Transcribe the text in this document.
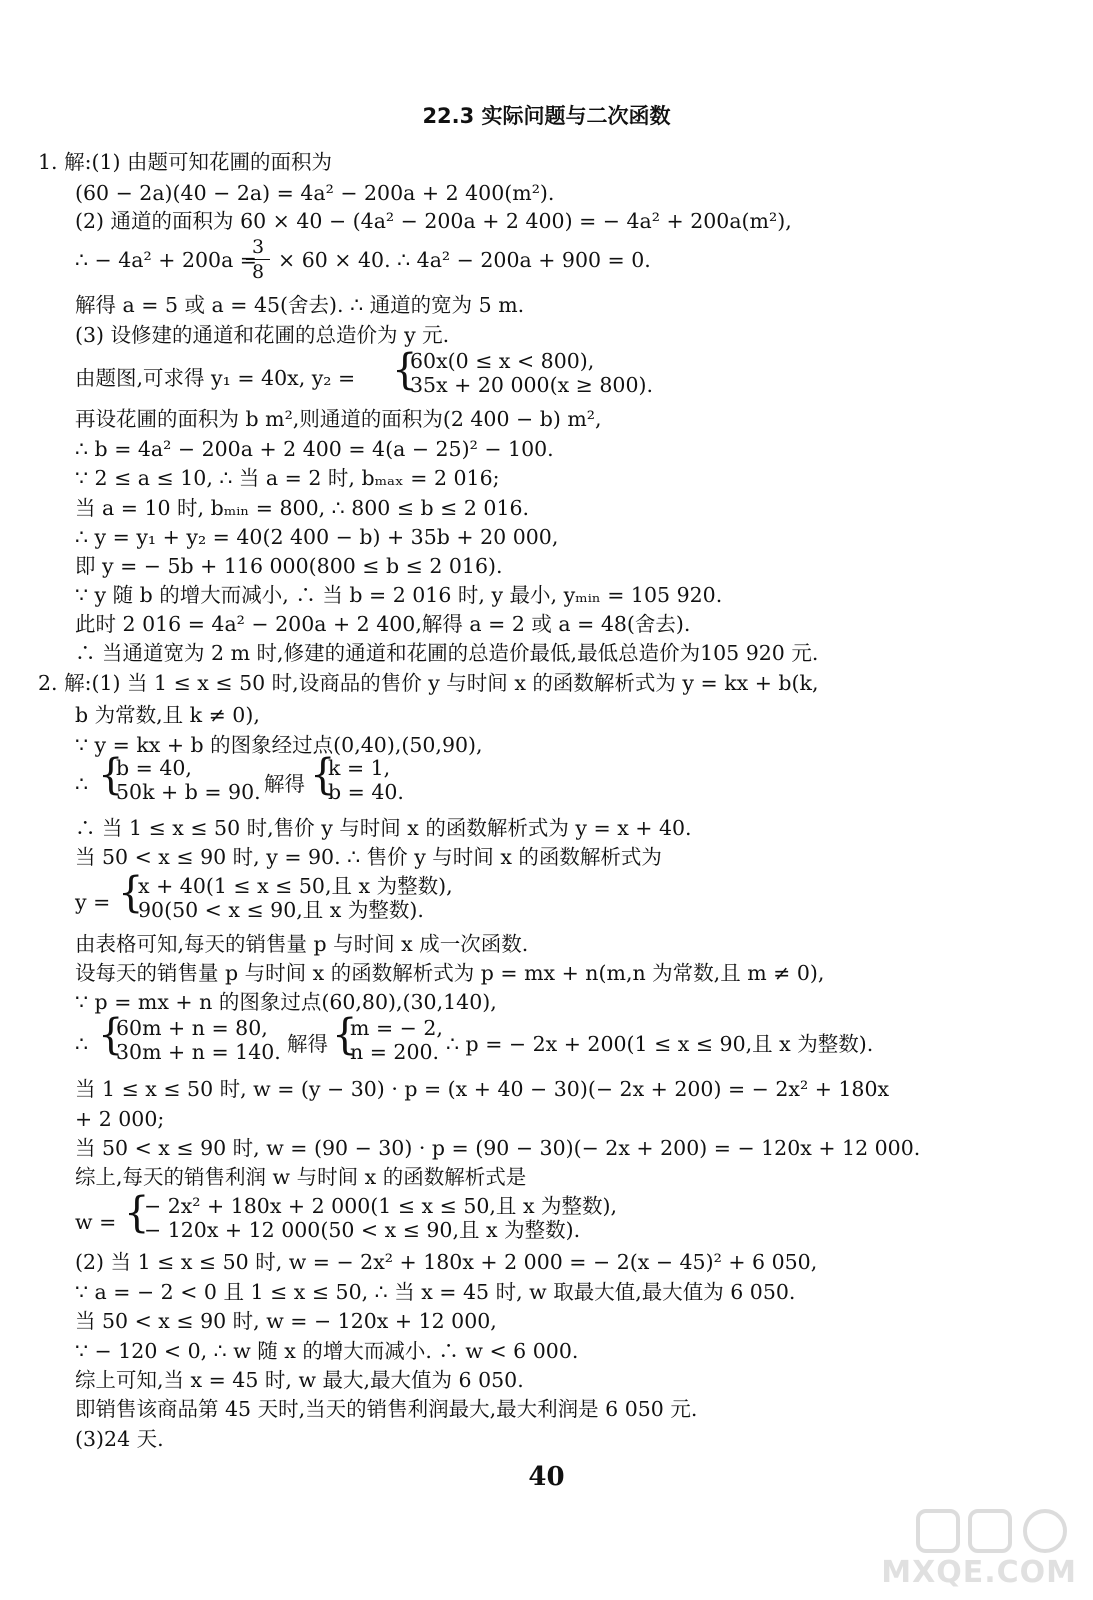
22.3 实际问题与二次函数
1. 解:(1) 由题可知花圃的面积为
(60 − 2a)(40 − 2a) = 4a² − 200a + 2 400(m²).
(2) 通道的面积为 60 × 40 − (4a² − 200a + 2 400) = − 4a² + 200a(m²),
∴ − 4a² + 200a =
3
8 × 60 × 40. ∴ 4a² − 200a + 900 = 0.
解得 a = 5 或 a = 45(舍去). ∴ 通道的宽为 5 m.
(3) 设修建的通道和花圃的总造价为 y 元.
由题图,可求得 y₁ = 40x, y₂ = {
60x(0 ≤ x < 800),
35x + 20 000(x ≥ 800).
再设花圃的面积为 b m²,则通道的面积为(2 400 − b) m²,
∴ b = 4a² − 200a + 2 400 = 4(a − 25)² − 100.
∵ 2 ≤ a ≤ 10, ∴ 当 a = 2 时, bₘₐₓ = 2 016;
当 a = 10 时, bₘᵢₙ = 800, ∴ 800 ≤ b ≤ 2 016.
∴ y = y₁ + y₂ = 40(2 400 − b) + 35b + 20 000,
即 y = − 5b + 116 000(800 ≤ b ≤ 2 016).
∵ y 随 b 的增大而减小, ∴ 当 b = 2 016 时, y 最小, yₘᵢₙ = 105 920.
此时 2 016 = 4a² − 200a + 2 400,解得 a = 2 或 a = 48(舍去).
∴ 当通道宽为 2 m 时,修建的通道和花圃的总造价最低,最低总造价为105 920 元.
2. 解:(1) 当 1 ≤ x ≤ 50 时,设商品的售价 y 与时间 x 的函数解析式为 y = kx + b(k,
b 为常数,且 k ≠ 0),
∵ y = kx + b 的图象经过点(0,40),(50,90),
∴ {
b = 40,
50k + b = 90. 解得 {
k = 1,
b = 40.
∴ 当 1 ≤ x ≤ 50 时,售价 y 与时间 x 的函数解析式为 y = x + 40.
当 50 < x ≤ 90 时, y = 90. ∴ 售价 y 与时间 x 的函数解析式为
y = {
x + 40(1 ≤ x ≤ 50,且 x 为整数),
90(50 < x ≤ 90,且 x 为整数).
由表格可知,每天的销售量 p 与时间 x 成一次函数.
设每天的销售量 p 与时间 x 的函数解析式为 p = mx + n(m,n 为常数,且 m ≠ 0),
∵ p = mx + n 的图象过点(60,80),(30,140),
∴ {
60m + n = 80,
30m + n = 140. 解得 {
m = − 2,
n = 200. ∴ p = − 2x + 200(1 ≤ x ≤ 90,且 x 为整数).
当 1 ≤ x ≤ 50 时, w = (y − 30) · p = (x + 40 − 30)(− 2x + 200) = − 2x² + 180x
+ 2 000;
当 50 < x ≤ 90 时, w = (90 − 30) · p = (90 − 30)(− 2x + 200) = − 120x + 12 000.
综上,每天的销售利润 w 与时间 x 的函数解析式是
w = {
− 2x² + 180x + 2 000(1 ≤ x ≤ 50,且 x 为整数),
− 120x + 12 000(50 < x ≤ 90,且 x 为整数).
(2) 当 1 ≤ x ≤ 50 时, w = − 2x² + 180x + 2 000 = − 2(x − 45)² + 6 050,
∵ a = − 2 < 0 且 1 ≤ x ≤ 50, ∴ 当 x = 45 时, w 取最大值,最大值为 6 050.
当 50 < x ≤ 90 时, w = − 120x + 12 000,
∵ − 120 < 0, ∴ w 随 x 的增大而减小. ∴ w < 6 000.
综上可知,当 x = 45 时, w 最大,最大值为 6 050.
即销售该商品第 45 天时,当天的销售利润最大,最大利润是 6 050 元.
(3)24 天.
40
MXQE.COM
